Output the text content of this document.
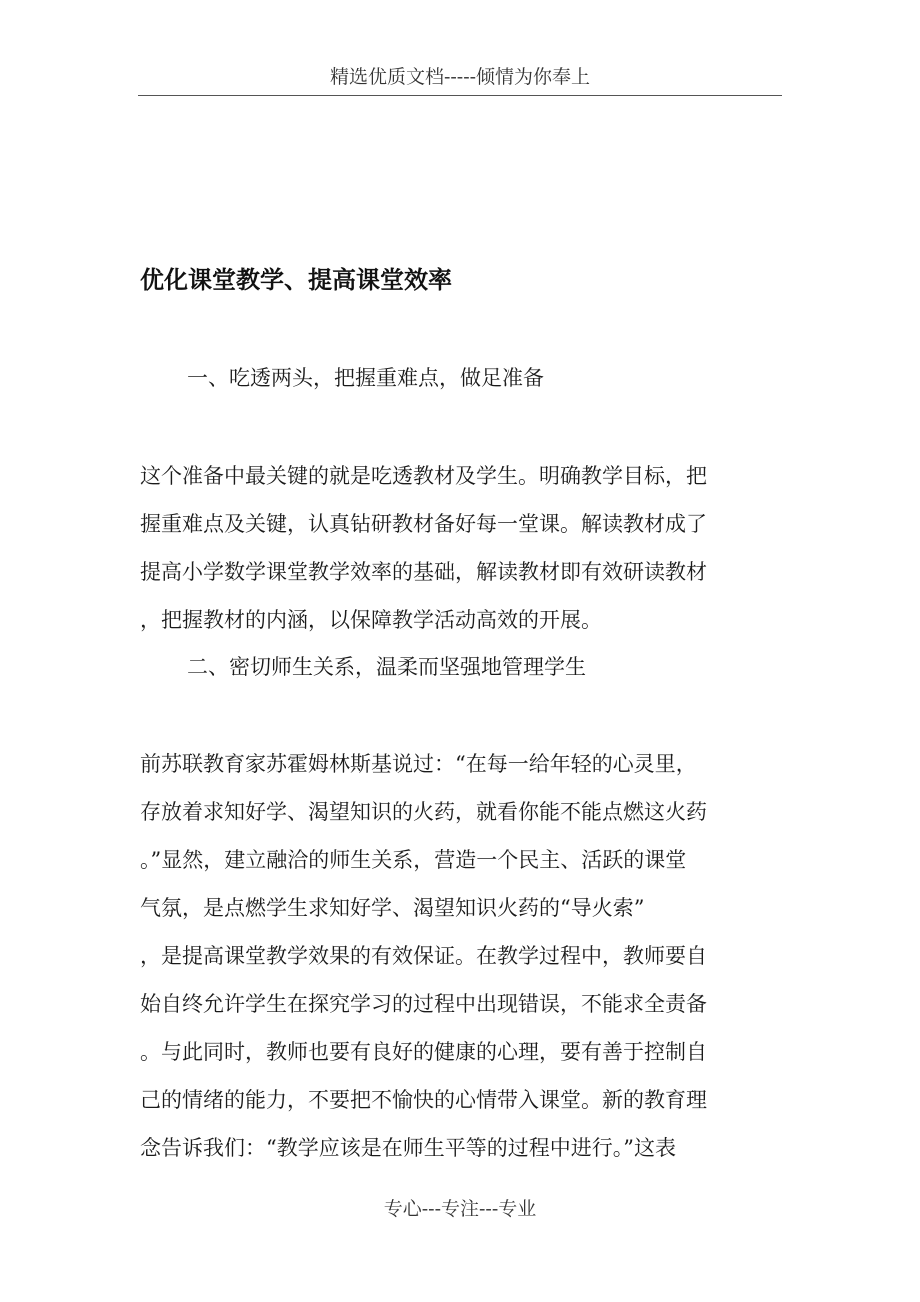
精选优质文档-----倾情为你奉上
优化课堂教学、提高课堂效率

一、吃透两头，把握重难点，做足准备

这个准备中最关键的就是吃透教材及学生。明确教学目标，把
握重难点及关键，认真钻研教材备好每一堂课。解读教材成了
提高小学数学课堂教学效率的基础，解读教材即有效研读教材
，把握教材的内涵，以保障教学活动高效的开展。

二、密切师生关系，温柔而坚强地管理学生

前苏联教育家苏霍姆林斯基说过：“在每一给年轻的心灵里，
存放着求知好学、渴望知识的火药，就看你能不能点燃这火药
。”显然，建立融洽的师生关系，营造一个民主、活跃的课堂
气氛，是点燃学生求知好学、渴望知识火药的“导火索”
，是提高课堂教学效果的有效保证。在教学过程中，教师要自
始自终允许学生在探究学习的过程中出现错误，不能求全责备
。与此同时，教师也要有良好的健康的心理，要有善于控制自
己的情绪的能力，不要把不愉快的心情带入课堂。新的教育理
念告诉我们：“教学应该是在师生平等的过程中进行。”这表
专心---专注---专业
